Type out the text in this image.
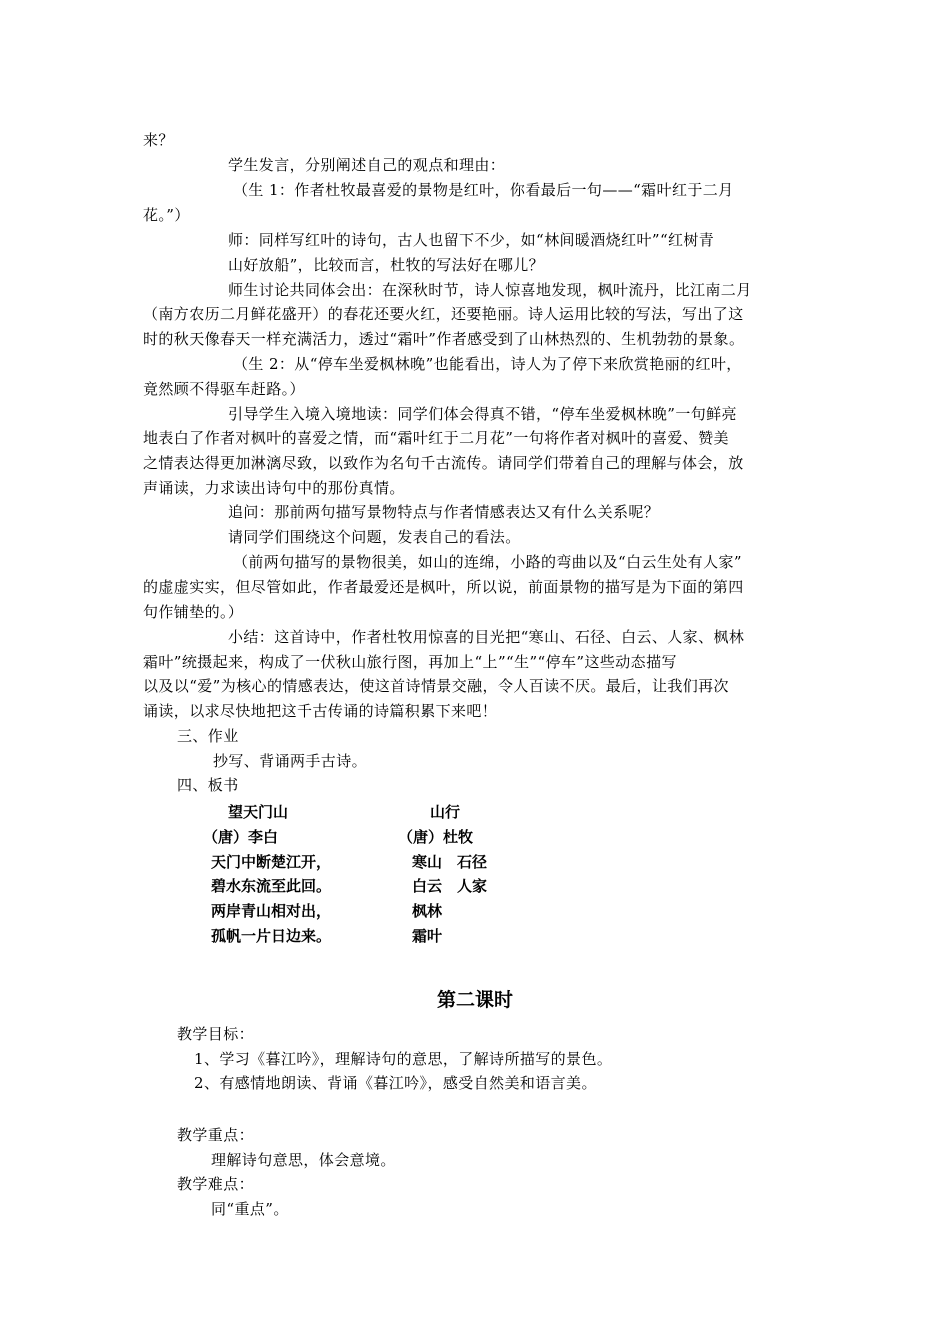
来？
学生发言，分别阐述自己的观点和理由：
（生 1：作者杜牧最喜爱的景物是红叶，你看最后一句——“霜叶红于二月
花。”）
师：同样写红叶的诗句，古人也留下不少，如“林间暖酒烧红叶”“红树青
山好放船”，比较而言，杜牧的写法好在哪儿？
师生讨论共同体会出：在深秋时节，诗人惊喜地发现，枫叶流丹，比江南二月
（南方农历二月鲜花盛开）的春花还要火红，还要艳丽。诗人运用比较的写法，写出了这
时的秋天像春天一样充满活力，透过“霜叶”作者感受到了山林热烈的、生机勃勃的景象。
（生 2：从“停车坐爱枫林晚”也能看出，诗人为了停下来欣赏艳丽的红叶，
竟然顾不得驱车赶路。）
引导学生入境入境地读：同学们体会得真不错，“停车坐爱枫林晚”一句鲜亮
地表白了作者对枫叶的喜爱之情，而“霜叶红于二月花”一句将作者对枫叶的喜爱、赞美
之情表达得更加淋漓尽致，以致作为名句千古流传。请同学们带着自己的理解与体会，放
声诵读，力求读出诗句中的那份真情。
追问：那前两句描写景物特点与作者情感表达又有什么关系呢？
请同学们围绕这个问题，发表自己的看法。
（前两句描写的景物很美，如山的连绵，小路的弯曲以及“白云生处有人家”
的虚虚实实，但尽管如此，作者最爱还是枫叶，所以说，前面景物的描写是为下面的第四
句作铺垫的。）
小结：这首诗中，作者杜牧用惊喜的目光把“寒山、石径、白云、人家、枫林
霜叶”统摄起来，构成了一伏秋山旅行图，再加上“上”“生”“停车”这些动态描写
以及以“爱”为核心的情感表达，使这首诗情景交融，令人百读不厌。最后，让我们再次
诵读，以求尽快地把这千古传诵的诗篇积累下来吧！
三、作业
抄写、背诵两手古诗。
四、板书
望天门山
（唐）李白
天门中断楚江开，
碧水东流至此回。
两岸青山相对出，
孤帆一片日边来。
山行
（唐）杜牧
寒山　石径
白云　人家
枫林
霜叶
第二课时
教学目标：
1、学习《暮江吟》，理解诗句的意思，了解诗所描写的景色。
2、有感情地朗读、背诵《暮江吟》，感受自然美和语言美。
教学重点：
理解诗句意思，体会意境。
教学难点：
同“重点”。
